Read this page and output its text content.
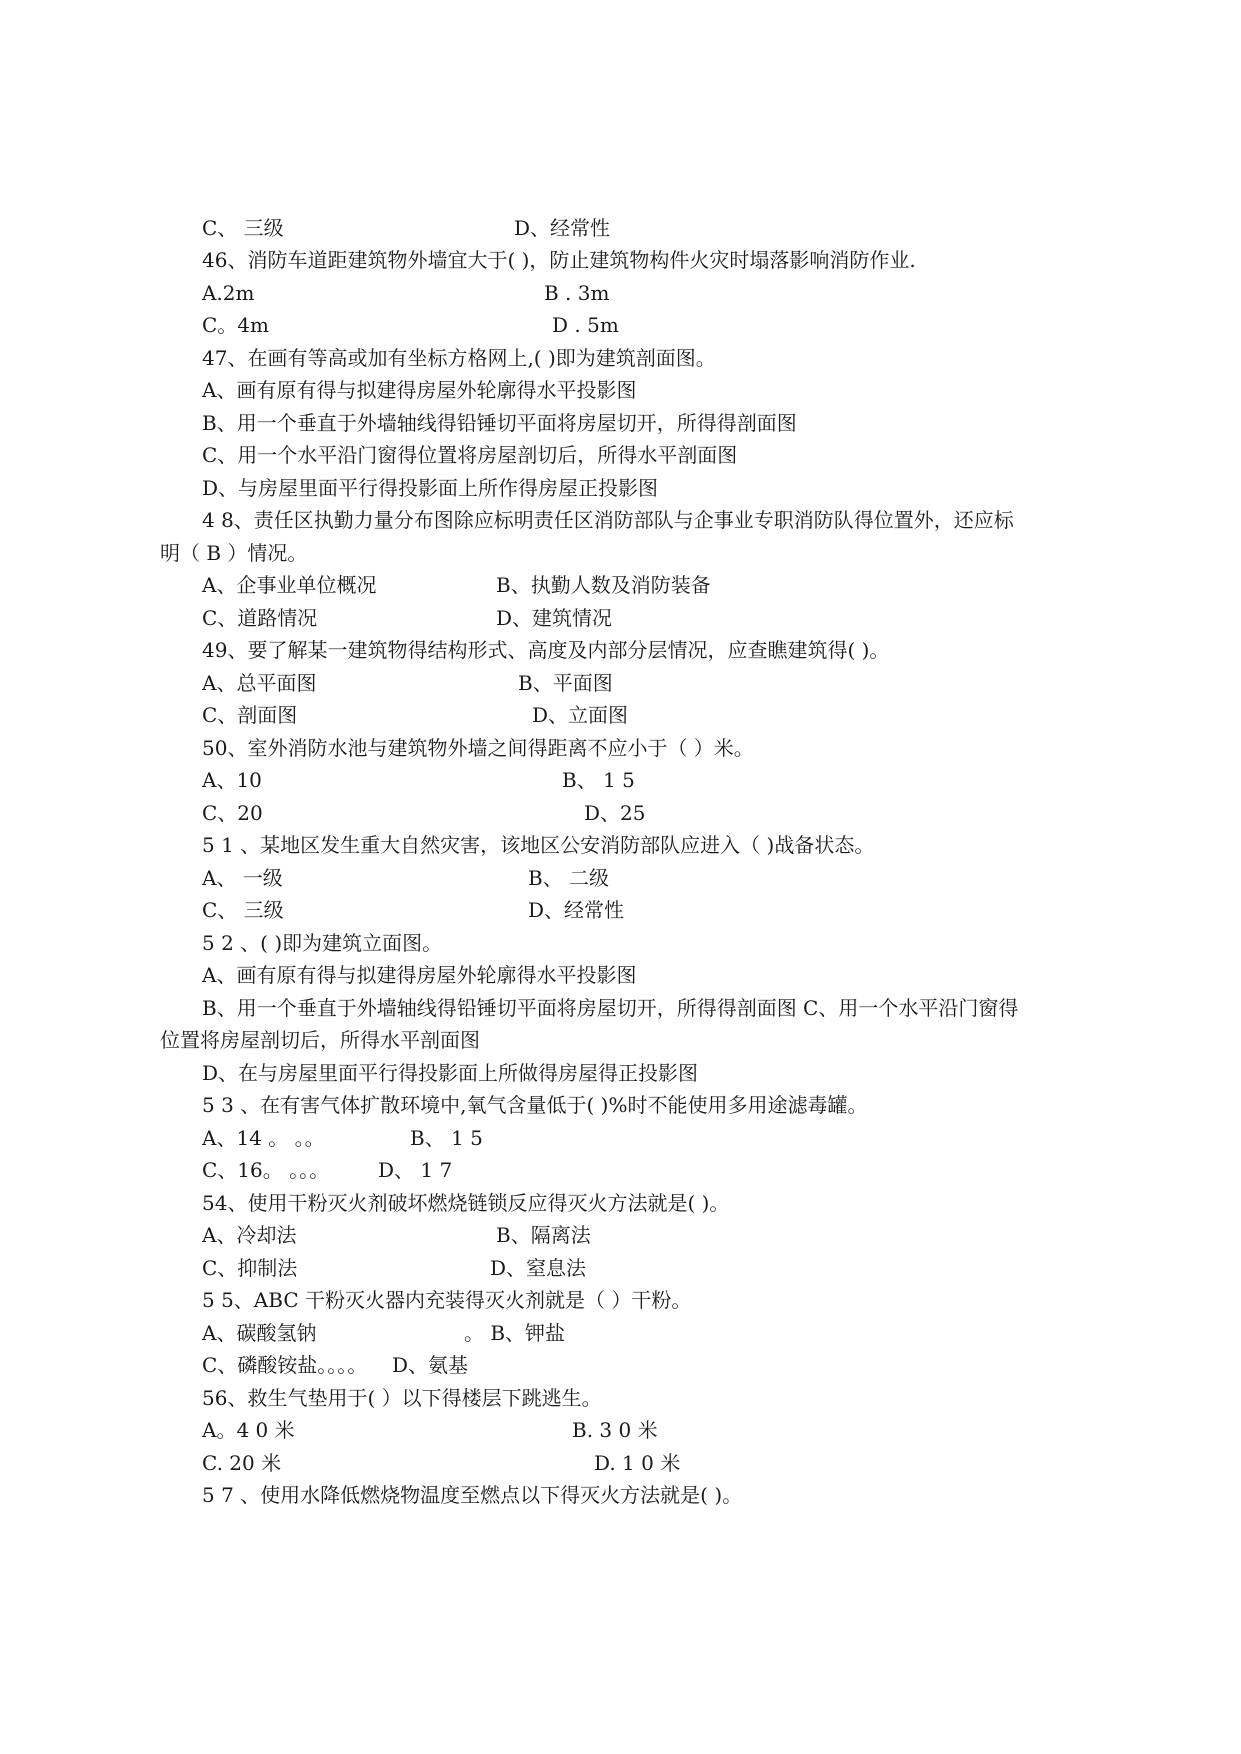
C、 三级	D、经常性
46、消防车道距建筑物外墙宜大于( )，防止建筑物构件火灾时塌落影响消防作业.
A.2m	B . 3m
C。4m	D . 5m
47、在画有等高或加有坐标方格网上,( )即为建筑剖面图。
A、画有原有得与拟建得房屋外轮廓得水平投影图
B、用一个垂直于外墙轴线得铅锤切平面将房屋切开，所得得剖面图
C、用一个水平沿门窗得位置将房屋剖切后，所得水平剖面图
D、与房屋里面平行得投影面上所作得房屋正投影图
4 8、责任区执勤力量分布图除应标明责任区消防部队与企事业专职消防队得位置外，还应标
明（ B ）情况。
A、企事业单位概况	B、执勤人数及消防装备
C、道路情况	D、建筑情况
49、要了解某一建筑物得结构形式、高度及内部分层情况，应查瞧建筑得( )。
A、总平面图	B、平面图
C、剖面图	D、立面图
50、室外消防水池与建筑物外墙之间得距离不应小于（ ）米。
A、10	B、 1 5
C、20	D、25
5 1 、某地区发生重大自然灾害，该地区公安消防部队应进入（ )战备状态。
A、 一级	B、 二级
C、 三级	D、经常性
5 2 、( )即为建筑立面图。
A、画有原有得与拟建得房屋外轮廓得水平投影图
B、用一个垂直于外墙轴线得铅锤切平面将房屋切开，所得得剖面图 C、用一个水平沿门窗得
位置将房屋剖切后，所得水平剖面图
D、在与房屋里面平行得投影面上所做得房屋得正投影图
5 3 、在有害气体扩散环境中,氧气含量低于( )%时不能使用多用途滤毒罐。
A、14 。 。。	B、 1 5
C、16。 。。。 D、 1 7
54、使用干粉灭火剂破坏燃烧链锁反应得灭火方法就是( )。
A、冷却法	B、隔离法
C、抑制法	D、窒息法
5 5、ABC 干粉灭火器内充装得灭火剂就是（ ）干粉。
A、碳酸氢钠	。 B、钾盐
C、磷酸铵盐。。。。 D、氨基
56、救生气垫用于( ）以下得楼层下跳逃生。
A。4 0 米	B. 3 0 米
C. 20 米	D. 1 0 米
5 7 、使用水降低燃烧物温度至燃点以下得灭火方法就是( )。
